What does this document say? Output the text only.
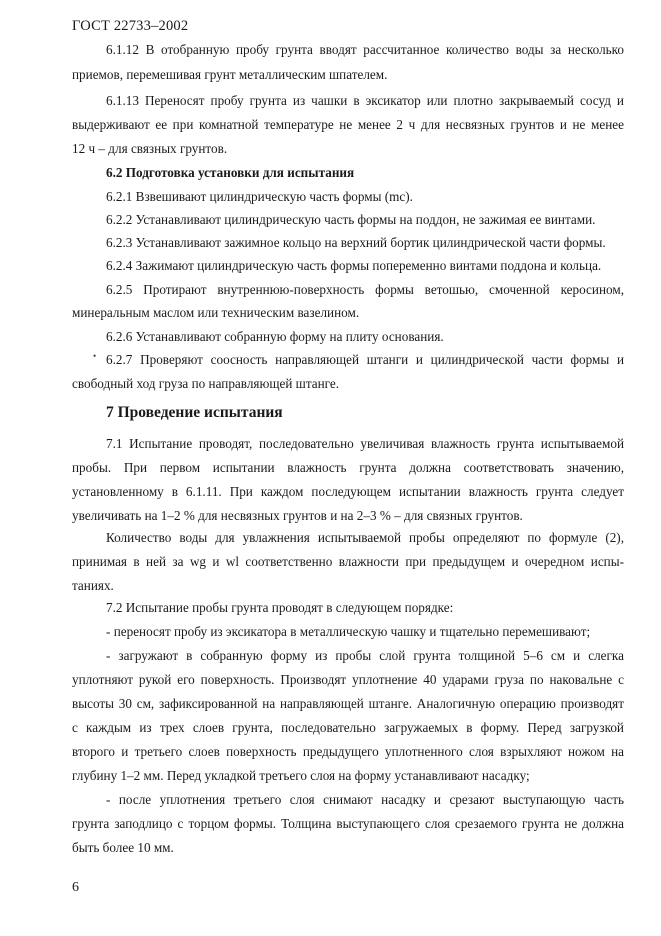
ГОСТ 22733–2002
6.1.12 В отобранную пробу грунта вводят рассчитанное количество воды за несколько
приемов, перемешивая грунт металлическим шпателем.
6.1.13 Переносят пробу грунта из чашки в эксикатор или плотно закрываемый сосуд и
выдерживают ее при комнатной температуре не менее 2 ч для несвязных грунтов и не менее
12 ч – для связных грунтов.
6.2 Подготовка установки для испытания
6.2.1 Взвешивают цилиндрическую часть формы (mc).
6.2.2 Устанавливают цилиндрическую часть формы на поддон, не зажимая ее винтами.
6.2.3 Устанавливают зажимное кольцо на верхний бортик цилиндрической части формы.
6.2.4 Зажимают цилиндрическую часть формы попеременно винтами поддона и кольца.
6.2.5 Протирают внутреннюю-поверхность формы ветошью, смоченной керосином,
минеральным маслом или техническим вазелином.
6.2.6 Устанавливают собранную форму на плиту основания.
• 6.2.7 Проверяют соосность направляющей штанги и цилиндрической части формы и
свободный ход груза по направляющей штанге.
7 Проведение испытания
7.1 Испытание проводят, последовательно увеличивая влажность грунта испытываемой
пробы. При первом испытании влажность грунта должна соответствовать значению,
установленному в 6.1.11. При каждом последующем испытании влажность грунта следует
увеличивать на 1–2 % для несвязных грунтов и на 2–3 % – для связных грунтов.
Количество воды для увлажнения испытываемой пробы определяют по формуле (2),
принимая в ней за wg и wl соответственно влажности при предыдущем и очередном испы-
таниях.
7.2 Испытание пробы грунта проводят в следующем порядке:
- переносят пробу из эксикатора в металлическую чашку и тщательно перемешивают;
- загружают в собранную форму из пробы слой грунта толщиной 5–6 см и слегка
уплотняют рукой его поверхность. Производят уплотнение 40 ударами груза по наковальне с
высоты 30 см, зафиксированной на направляющей штанге. Аналогичную операцию производят
с каждым из трех слоев грунта, последовательно загружаемых в форму. Перед загрузкой
второго и третьего слоев поверхность предыдущего уплотненного слоя взрыхляют ножом на
глубину 1–2 мм. Перед укладкой третьего слоя на форму устанавливают насадку;
- после уплотнения третьего слоя снимают насадку и срезают выступающую часть
грунта заподлицо с торцом формы. Толщина выступающего слоя срезаемого грунта не должна
быть более 10 мм.
6
